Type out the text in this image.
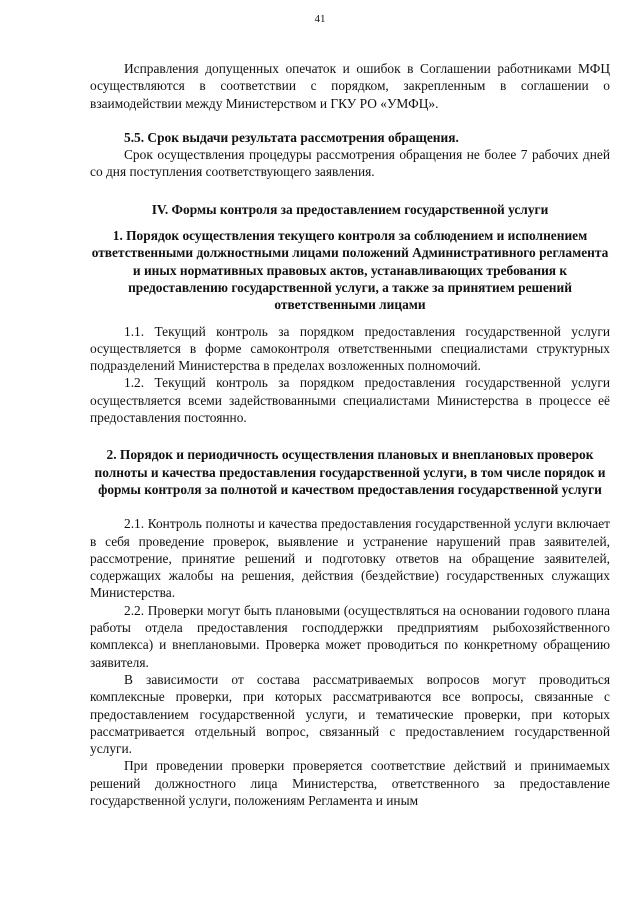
41

Исправления допущенных опечаток и ошибок в Соглашении работниками МФЦ осуществляются в соответствии с порядком, закрепленным в соглашении о взаимодействии между Министерством и ГКУ РО «УМФЦ».

5.5. Срок выдачи результата рассмотрения обращения.

Срок осуществления процедуры рассмотрения обращения не более 7 рабочих дней со дня поступления соответствующего заявления.

IV. Формы контроля за предоставлением государственной услуги

1. Порядок осуществления текущего контроля за соблюдением и исполнением ответственными должностными лицами положений Административного регламента и иных нормативных правовых актов, устанавливающих требования к предоставлению государственной услуги, а также за принятием решений ответственными лицами

1.1. Текущий контроль за порядком предоставления государственной услуги осуществляется в форме самоконтроля ответственными специалистами структурных подразделений Министерства в пределах возложенных полномочий.

1.2. Текущий контроль за порядком предоставления государственной услуги осуществляется всеми задействованными специалистами Министерства в процессе её предоставления постоянно.

2. Порядок и периодичность осуществления плановых и внеплановых проверок полноты и качества предоставления государственной услуги, в том числе порядок и формы контроля за полнотой и качеством предоставления государственной услуги

2.1. Контроль полноты и качества предоставления государственной услуги включает в себя проведение проверок, выявление и устранение нарушений прав заявителей, рассмотрение, принятие решений и подготовку ответов на обращение заявителей, содержащих жалобы на решения, действия (бездействие) государственных служащих Министерства.

2.2. Проверки могут быть плановыми (осуществляться на основании годового плана работы отдела предоставления господдержки предприятиям рыбохозяйственного комплекса) и внеплановыми. Проверка может проводиться по конкретному обращению заявителя.

В зависимости от состава рассматриваемых вопросов могут проводиться комплексные проверки, при которых рассматриваются все вопросы, связанные с предоставлением государственной услуги, и тематические проверки, при которых рассматривается отдельный вопрос, связанный с предоставлением государственной услуги.

При проведении проверки проверяется соответствие действий и принимаемых решений должностного лица Министерства, ответственного за предоставление государственной услуги, положениям Регламента и иным
